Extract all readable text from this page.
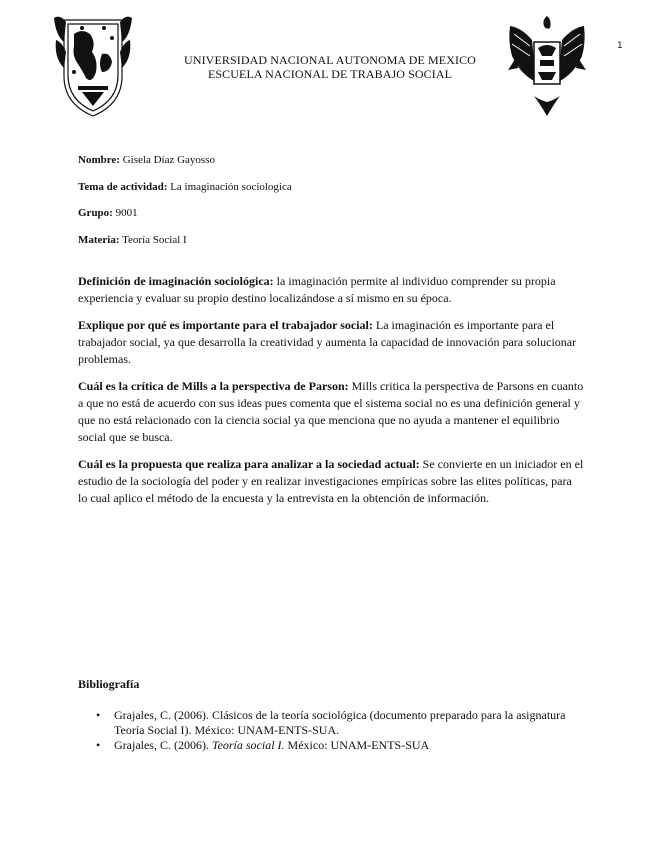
1
UNIVERSIDAD NACIONAL AUTONOMA DE MEXICO
ESCUELA NACIONAL DE TRABAJO SOCIAL
Nombre: Gisela Díaz Gayosso
Tema de actividad: La imaginación sociologica
Grupo: 9001
Materia: Teoría Social I

Definición de imaginación sociológica: la imaginación permite al individuo comprender su propia experiencia y evaluar su propio destino localizándose a sí mismo en su época.

Explique por qué es importante para el trabajador social: La imaginación es importante para el trabajador social, ya que desarrolla la creatividad y aumenta la capacidad de innovación para solucionar problemas.

Cuál es la crítica de Mills a la perspectiva de Parson: Mills critica la perspectiva de Parsons en cuanto a que no está de acuerdo con sus ideas pues comenta que el sistema social no es una definición general y que no está relacionado con la ciencia social ya que menciona que no ayuda a mantener el equilibrio social que se busca.

Cuál es la propuesta que realiza para analizar a la sociedad actual: Se convierte en un iniciador en el estudio de la sociología del poder y en realizar investigaciones empíricas sobre las elites políticas, para lo cual aplico el método de la encuesta y la entrevista en la obtención de información.

Bibliografía
• Grajales, C. (2006). Clásicos de la teoría sociológica (documento preparado para la asignatura Teoría Social I). México: UNAM-ENTS-SUA.
• Grajales, C. (2006). Teoría social I. México: UNAM-ENTS-SUA
